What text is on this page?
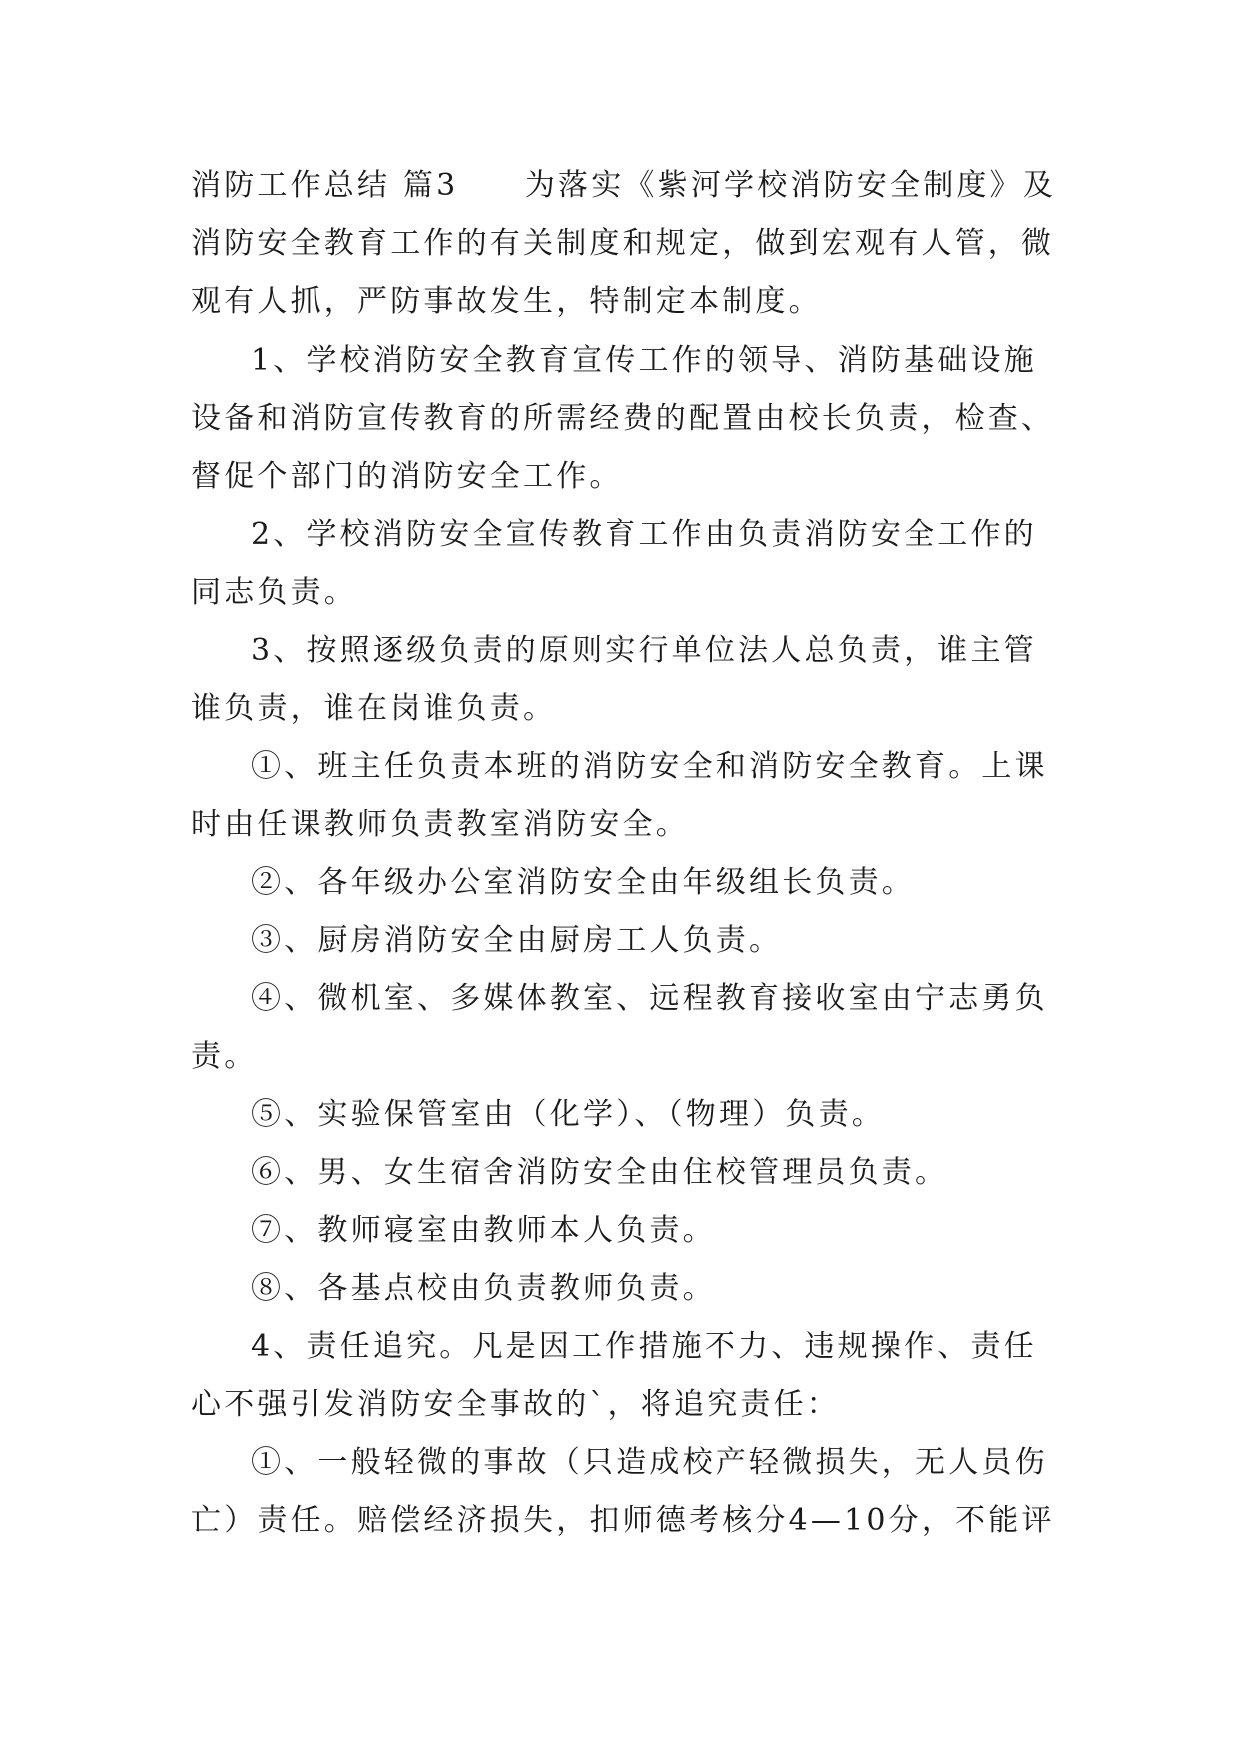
消防工作总结 篇3　　为落实《紫河学校消防安全制度》及

消防安全教育工作的有关制度和规定，做到宏观有人管，微

观有人抓，严防事故发生，特制定本制度。

1、学校消防安全教育宣传工作的领导、消防基础设施

设备和消防宣传教育的所需经费的配置由校长负责，检查、

督促个部门的消防安全工作。

2、学校消防安全宣传教育工作由负责消防安全工作的

同志负责。

3、按照逐级负责的原则实行单位法人总负责，谁主管

谁负责，谁在岗谁负责。

①、班主任负责本班的消防安全和消防安全教育。上课

时由任课教师负责教室消防安全。

②、各年级办公室消防安全由年级组长负责。

③、厨房消防安全由厨房工人负责。

④、微机室、多媒体教室、远程教育接收室由宁志勇负

责。

⑤、实验保管室由（化学）、（物理）负责。

⑥、男、女生宿舍消防安全由住校管理员负责。

⑦、教师寝室由教师本人负责。

⑧、各基点校由负责教师负责。

4、责任追究。凡是因工作措施不力、违规操作、责任

心不强引发消防安全事故的`，将追究责任：

①、一般轻微的事故（只造成校产轻微损失，无人员伤

亡）责任。赔偿经济损失，扣师德考核分4—10分，不能评
